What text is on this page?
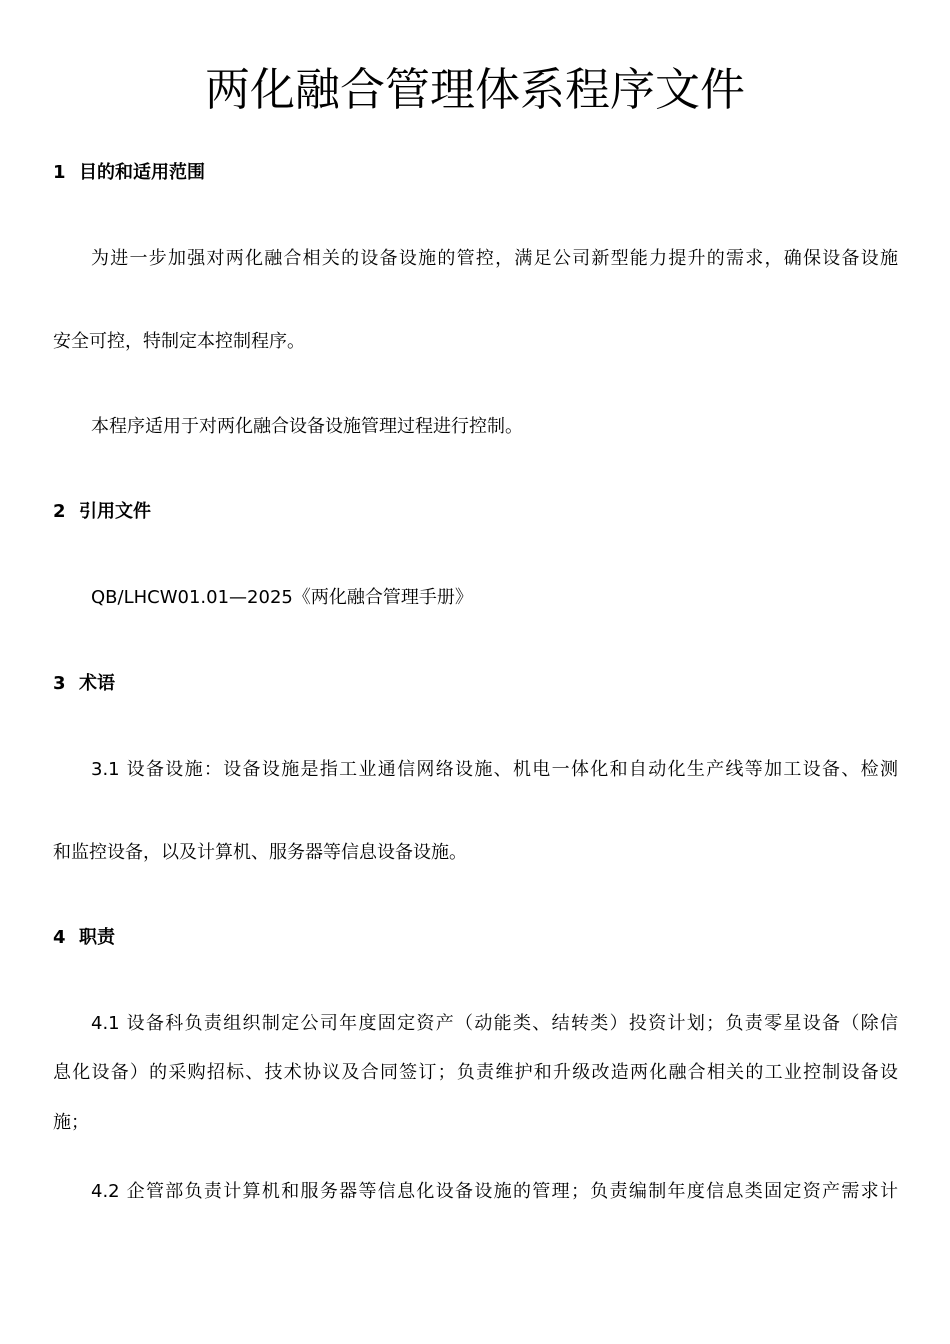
两化融合管理体系程序文件
1 目的和适用范围

为进一步加强对两化融合相关的设备设施的管控，满足公司新型能力提升的需求，确保设备设施

安全可控，特制定本控制程序。

本程序适用于对两化融合设备设施管理过程进行控制。

2 引用文件

QB/LHCW01.01—2025《两化融合管理手册》

3 术语

3.1 设备设施：设备设施是指工业通信网络设施、机电一体化和自动化生产线等加工设备、检测

和监控设备，以及计算机、服务器等信息设备设施。

4 职责

4.1 设备科负责组织制定公司年度固定资产（动能类、结转类）投资计划；负责零星设备（除信

息化设备）的采购招标、技术协议及合同签订；负责维护和升级改造两化融合相关的工业控制设备设

施；

4.2 企管部负责计算机和服务器等信息化设备设施的管理；负责编制年度信息类固定资产需求计
